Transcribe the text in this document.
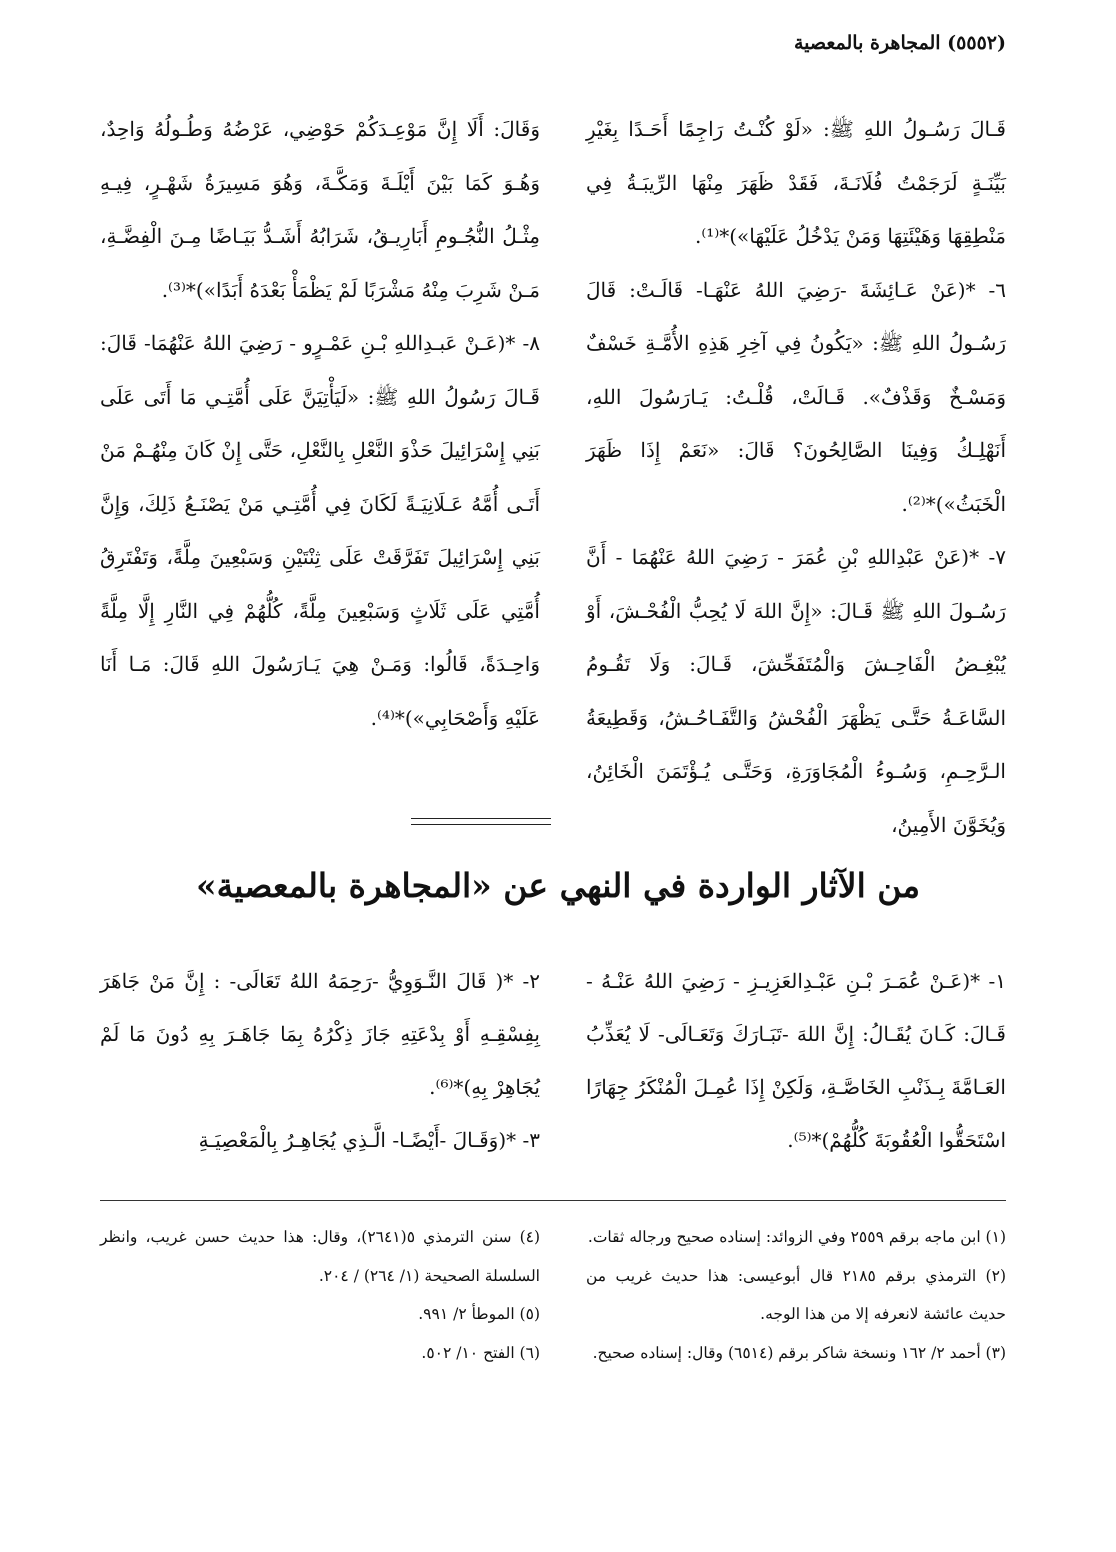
(٥٥٥٢) المجاهرة بالمعصية

قَـالَ رَسُـولُ اللهِ ﷺ: «لَوْ كُنْـتُ رَاجِمًا أَحَـدًا بِغَيْرِ بَيِّنَـةٍ لَرَجَمْتُ فُلَانَـةَ، فَقَدْ ظَهَرَ مِنْهَا الرِّيبَـةُ فِي مَنْطِقِهَا وَهَيْئَتِهَا وَمَنْ يَدْخُلُ عَلَيْهَا»)*⁽¹⁾.

٦- *(عَنْ عَـائِشَةَ -رَضِيَ اللهُ عَنْهَـا- قَالَـتْ: قَالَ رَسُـولُ اللهِ ﷺ: «يَكُونُ فِي آخِرِ هَذِهِ الأُمَّـةِ خَسْفٌ وَمَسْـخٌ وَقَذْفٌ». قَـالَتْ، قُلْـتُ: يَـارَسُولَ اللهِ، أَنَهْلِـكُ وَفِينَا الصَّالِحُونَ؟ قَالَ: «نَعَمْ إِذَا ظَهَرَ الْخَبَثُ»)*⁽²⁾.

٧- *(عَنْ عَبْدِاللهِ بْنِ عُمَرَ - رَضِيَ اللهُ عَنْهُمَا - أَنَّ رَسُـولَ اللهِ ﷺ قَـالَ: «إِنَّ اللهَ لَا يُحِبُّ الْفُحْـشَ، أَوْ يُبْغِـضُ الْفَاحِـشَ وَالْمُتَفَحِّشَ، قَـالَ: وَلَا تَقُـومُ السَّاعَـةُ حَتَّـى يَظْهَرَ الْفُحْشُ وَالتَّفَـاحُـشُ، وَقَطِيعَةُ الـرَّحِـمِ، وَسُـوءُ الْمُجَاوَرَةِ، وَحَتَّـى يُـؤْتَمَنَ الْخَائِنُ، وَيُخَوَّنَ الأَمِينُ،

وَقَالَ: أَلَا إِنَّ مَوْعِـدَكُمْ حَوْضِي، عَرْضُهُ وَطُـولُهُ وَاحِدٌ، وَهُـوَ كَمَا بَيْنَ أَيْلَـةَ وَمَكَّـةَ، وَهُوَ مَسِيرَةُ شَهْـرٍ، فِيـهِ مِثْـلُ النُّجُـومِ أَبَارِيـقُ، شَرَابُهُ أَشَـدُّ بَيَـاضًا مِـنَ الْفِضَّـةِ، مَـنْ شَرِبَ مِنْهُ مَشْرَبًا لَمْ يَظْمَأْ بَعْدَهُ أَبَدًا»)*⁽³⁾.

٨- *(عَـنْ عَبـدِاللهِ بْـنِ عَمْـرٍو - رَضِيَ اللهُ عَنْهُمَا- قَالَ: قَـالَ رَسُولُ اللهِ ﷺ: «لَيَأْتِيَنَّ عَلَى أُمَّتِـي مَا أَتَى عَلَى بَنِي إِسْرَائِيلَ حَذْوَ النَّعْلِ بِالنَّعْلِ، حَتَّى إِنْ كَانَ مِنْهُـمْ مَنْ أَتَـى أُمَّهُ عَـلَانِيَـةً لَكَانَ فِي أُمَّتِـي مَنْ يَصْنَـعُ ذَلِكَ، وَإِنَّ بَنِي إِسْرَائِيلَ تَفَرَّقَتْ عَلَى ثِنْتَيْنِ وَسَبْعِينَ مِلَّةً، وَتَفْتَرِقُ أُمَّتِي عَلَى ثَلَاثٍ وَسَبْعِينَ مِلَّةً، كُلُّهُمْ فِي النَّارِ إِلَّا مِلَّةً وَاحِـدَةً، قَالُوا: وَمَـنْ هِيَ يَـارَسُولَ اللهِ قَالَ: مَـا أَنَا عَلَيْهِ وَأَصْحَابِي»)*⁽⁴⁾.

من الآثار الواردة في النهي عن «المجاهرة بالمعصية»

١- *(عَـنْ عُمَـرَ بْـنِ عَبْـدِالعَزِيـزِ - رَضِيَ اللهُ عَنْـهُ - قَـالَ: كَـانَ يُقَـالُ: إِنَّ اللهَ -تَبَـارَكَ وَتَعَـالَى- لَا يُعَذِّبُ العَـامَّةَ بِـذَنْبِ الخَاصَّـةِ، وَلَكِنْ إِذَا عُمِـلَ الْمُنْكَرُ جِهَارًا اسْتَحَقُّوا الْعُقُوبَةَ كُلُّهُمْ)*⁽⁵⁾.

٢- *( قَالَ النَّـوَوِيُّ -رَحِمَهُ اللهُ تَعَالَى- : إِنَّ مَنْ جَاهَرَ بِفِسْقِـهِ أَوْ بِدْعَتِهِ جَازَ ذِكْرُهُ بِمَا جَاهَـرَ بِهِ دُونَ مَا لَمْ يُجَاهِرْ بِهِ)*⁽⁶⁾.

٣- *(وَقَـالَ -أَيْضًـا- الَّـذِي يُجَاهِـرُ بِالْمَعْصِيَـةِ

(١) ابن ماجه برقم ٢٥٥٩ وفي الزوائد: إسناده صحيح ورجاله ثقات.

(٢) الترمذي برقم ٢١٨٥ قال أبوعيسى: هذا حديث غريب من حديث عائشة لانعرفه إلا من هذا الوجه.

(٣) أحمد ٢/ ١٦٢ ونسخة شاكر برقم (٦٥١٤) وقال: إسناده صحيح.

(٤) سنن الترمذي ٥(٢٦٤١)، وقال: هذا حديث حسن غريب، وانظر السلسلة الصحيحة (١/ ٢٦٤) / ٢٠٤.

(٥) الموطأ ٢/ ٩٩١.

(٦) الفتح ١٠/ ٥٠٢.
